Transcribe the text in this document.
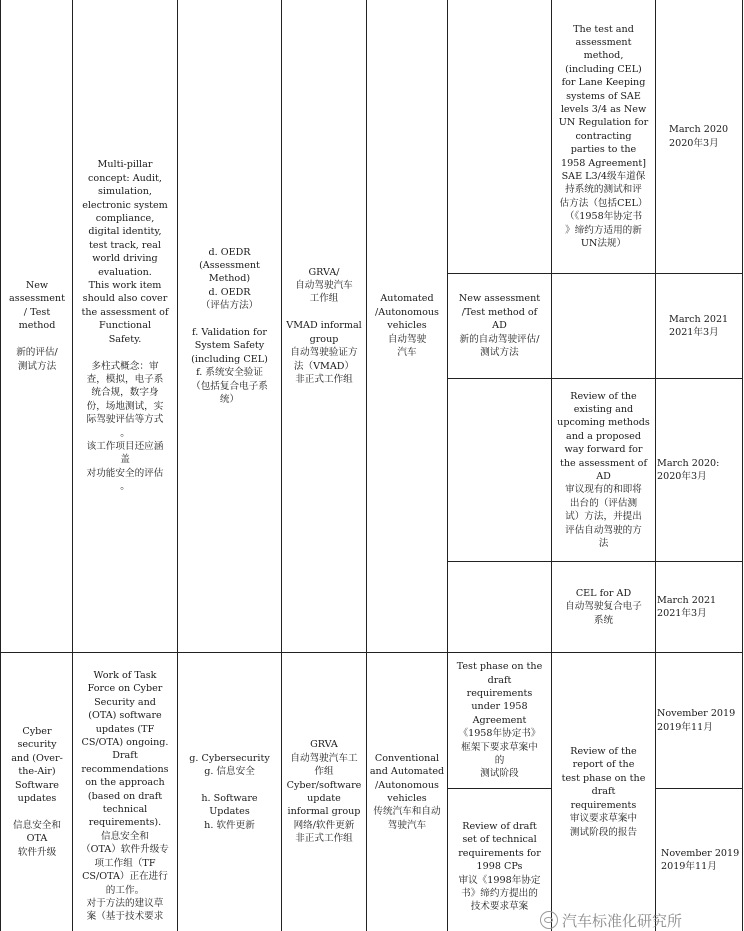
New
assessment
/ Test
method

新的评估/
测试方法
Multi-pillar
concept: Audit,
simulation,
electronic system
compliance,
digital identity,
test track, real
world driving
evaluation.
This work item
should also cover
the assessment of
Functional
Safety.

多柱式概念：审
查，模拟，电子系
统合规，数字身
份，场地测试，实
际驾驶评估等方式
。
该工作项目还应涵
盖
对功能安全的评估
。
d. OEDR
(Assessment
Method)
d. OEDR
（评估方法）

f. Validation for
System Safety
(including CEL)
f. 系统安全验证
（包括复合电子系
统）
GRVA/
自动驾驶汽车
工作组

VMAD informal
group
自动驾驶验证方
法（VMAD）
非正式工作组
Automated
/Autonomous
vehicles
自动驾驶
汽车
The test and
assessment
method,
(including CEL)
for Lane Keeping
systems of SAE
levels 3/4 as New
UN Regulation for
contracting
parties to the
1958 Agreement]
SAE L3/4级车道保
持系统的测试和评
估方法（包括CEL）
（《1958年协定书
》缔约方适用的新
UN法规）
March 2020
2020年3月
New assessment
/Test method of
AD
新的自动驾驶评估/
测试方法
March 2021
2021年3月
Review of the
existing and
upcoming methods
and a proposed
way forward for
the assessment of
AD
审议现有的和即将
出台的（评估测
试）方法，并提出
评估自动驾驶的方
法
March 2020:
2020年3月
CEL for AD
自动驾驶复合电子
系统
March 2021
2021年3月
Cyber
security
and (Over-
the-Air)
Software
updates

信息安全和
OTA
软件升级
Work of Task
Force on Cyber
Security and
(OTA) software
updates (TF
CS/OTA) ongoing.
Draft
recommendations
on the approach
(based on draft
technical
requirements).
信息安全和
（OTA）软件升级专
项工作组（TF
CS/OTA）正在进行
的工作。
对于方法的建议草
案（基于技术要求
g. Cybersecurity
g. 信息安全

h. Software
Updates
h. 软件更新
GRVA
自动驾驶汽车工
作组
Cyber/software
update
informal group
网络/软件更新
非正式工作组
Conventional
and Automated
/Autonomous
vehicles
传统汽车和自动
驾驶汽车
Test phase on the
draft
requirements
under 1958
Agreement
《1958年协定书》
框架下要求草案中
的
测试阶段
Review of draft
set of technical
requirements for
1998 CPs
审议《1998年协定
书》缔约方提出的
技术要求草案
Review of the
report of the
test phase on the
draft
requirements
审议要求草案中
测试阶段的报告
November 2019
2019年11月
November 2019
2019年11月
汽车标准化研究所
